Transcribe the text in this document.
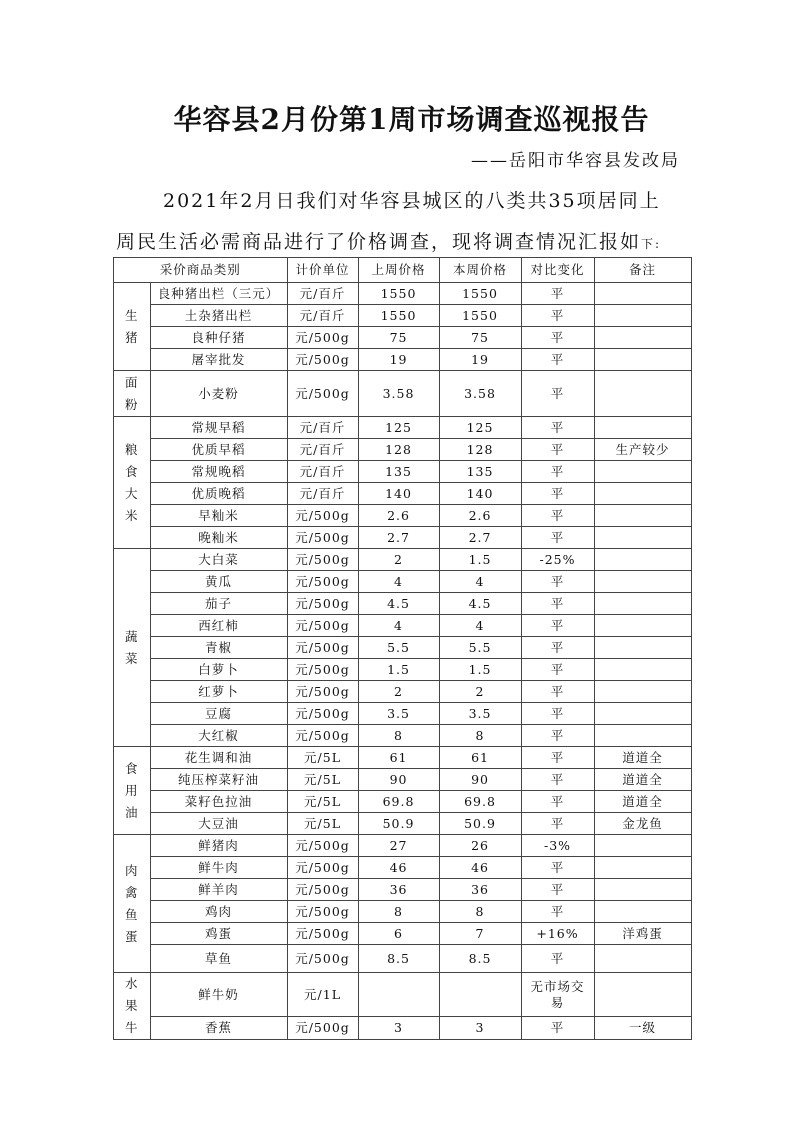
华容县2月份第1周市场调查巡视报告
——岳阳市华容县发改局
2021年2月日我们对华容县城区的八类共35项居同上
周民生活必需商品进行了价格调查，现将调查情况汇报如下:
采价商品类别		计价单位	上周价格	本周价格	对比变化	备注
生猪	良种猪出栏（三元）	元/百斤	1550	1550	平	
	土杂猪出栏	元/百斤	1550	1550	平	
	良种仔猪	元/500g	75	75	平	
	屠宰批发	元/500g	19	19	平	
面粉	小麦粉	元/500g	3.58	3.58	平	
粮食大米	常规早稻	元/百斤	125	125	平	
	优质早稻	元/百斤	128	128	平	生产较少
	常规晚稻	元/百斤	135	135	平	
	优质晚稻	元/百斤	140	140	平	
	早籼米	元/500g	2.6	2.6	平	
	晚籼米	元/500g	2.7	2.7	平	
蔬菜	大白菜	元/500g	2	1.5	-25%	
	黄瓜	元/500g	4	4	平	
	茄子	元/500g	4.5	4.5	平	
	西红柿	元/500g	4	4	平	
	青椒	元/500g	5.5	5.5	平	
	白萝卜	元/500g	1.5	1.5	平	
	红萝卜	元/500g	2	2	平	
	豆腐	元/500g	3.5	3.5	平	
	大红椒	元/500g	8	8	平	
食用油	花生调和油	元/5L	61	61	平	道道全
	纯压榨菜籽油	元/5L	90	90	平	道道全
	菜籽色拉油	元/5L	69.8	69.8	平	道道全
	大豆油	元/5L	50.9	50.9	平	金龙鱼
肉禽鱼蛋	鲜猪肉	元/500g	27	26	-3%	
	鲜牛肉	元/500g	46	46	平	
	鲜羊肉	元/500g	36	36	平	
	鸡肉	元/500g	8	8	平	
	鸡蛋	元/500g	6	7	+16%	洋鸡蛋
	草鱼	元/500g	8.5	8.5	平	
水果牛	鲜牛奶	元/1L			无市场交易	
	香蕉	元/500g	3	3	平	一级
